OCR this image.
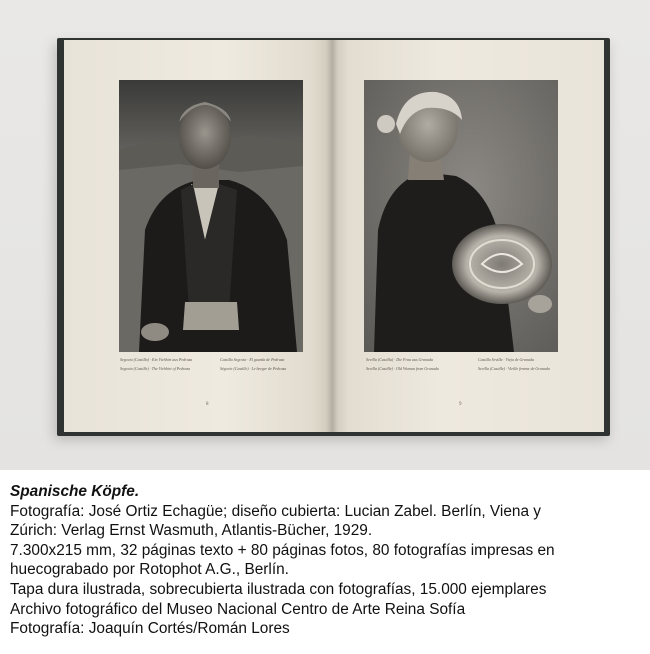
Segovia (Castilla) · Ein Viehhirt aus Pedraza
Segovia (Castille) · The Viehhirt of Pedraza
Castilla Segovia · El guarda de Pedraza
Ségovie (Castille) · Le berger de Pedraza
8
Sevilla (Castilla) · Die Frau aus Granada
Sevilla (Castille) · Old Woman from Granada
Castilla Sevilla · Vieja de Granada
Sevilla (Castille) · Vieille femme de Granada
9
Spanische Köpfe.
Fotografía: José Ortiz Echagüe; diseño cubierta: Lucian Zabel. Berlín, Viena y
Zúrich: Verlag Ernst Wasmuth, Atlantis-Bücher, 1929.
7.300x215 mm, 32 páginas texto + 80 páginas fotos, 80 fotografías impresas en
huecograbado por Rotophot A.G., Berlín.
Tapa dura ilustrada, sobrecubierta ilustrada con fotografías, 15.000 ejemplares
Archivo fotográfico del Museo Nacional Centro de Arte Reina Sofía
Fotografía: Joaquín Cortés/Román Lores
